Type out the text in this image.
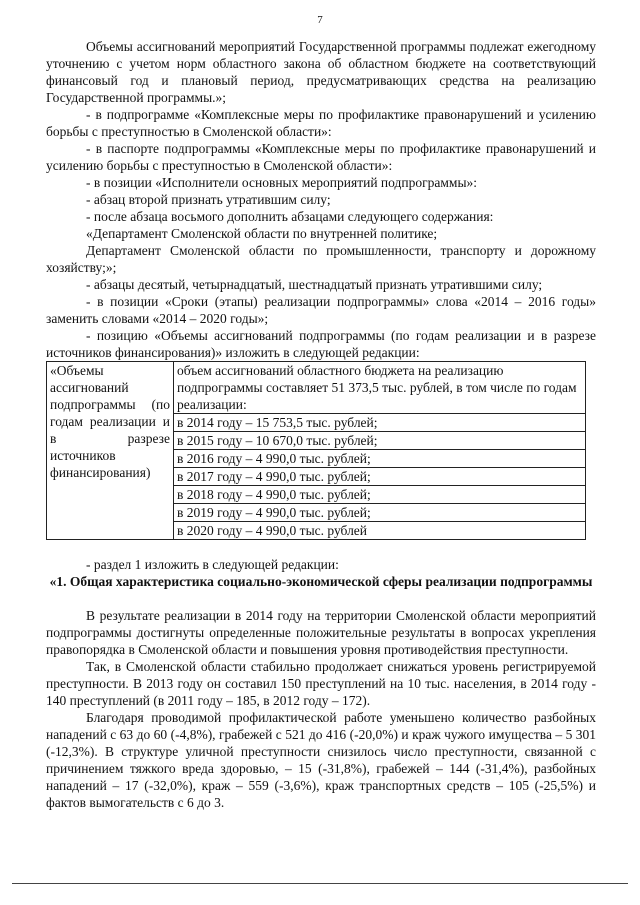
7

Объемы ассигнований мероприятий Государственной программы подлежат ежегодному уточнению с учетом норм областного закона об областном бюджете на соответствующий финансовый год и плановый период, предусматривающих средства на реализацию Государственной программы.»;

- в подпрограмме «Комплексные меры по профилактике правонарушений и усилению борьбы с преступностью в Смоленской области»:

- в паспорте подпрограммы «Комплексные меры по профилактике правонарушений и усилению борьбы с преступностью в Смоленской области»:

- в позиции «Исполнители основных мероприятий подпрограммы»:

- абзац второй признать утратившим силу;

- после абзаца восьмого дополнить абзацами следующего содержания:

«Департамент Смоленской области по внутренней политике;

Департамент Смоленской области по промышленности, транспорту и дорожному хозяйству;»;

- абзацы десятый, четырнадцатый, шестнадцатый признать утратившими силу;

- в позиции «Сроки (этапы) реализации подпрограммы» слова «2014 – 2016 годы» заменить словами «2014 – 2020 годы»;

- позицию «Объемы ассигнований подпрограммы (по годам реализации и в разрезе источников финансирования)» изложить в следующей редакции:

«Объемы ассигнований подпрограммы (по годам реализации и в разрезе источников финансирования)	
объем ассигнований областного бюджета на реализацию подпрограммы составляет 51 373,5 тыс. рублей, в том числе по годам реализации:
в 2014 году – 15 753,5 тыс. рублей;
в 2015 году – 10 670,0 тыс. рублей;
в 2016 году – 4 990,0 тыс. рублей;
в 2017 году – 4 990,0 тыс. рублей;
в 2018 году – 4 990,0 тыс. рублей;
в 2019 году – 4 990,0 тыс. рублей;
в 2020 году – 4 990,0 тыс. рублей

- раздел 1 изложить в следующей редакции:

«1. Общая характеристика социально-экономической сферы реализации подпрограммы

В результате реализации в 2014 году на территории Смоленской области мероприятий подпрограммы достигнуты определенные положительные результаты в вопросах укрепления правопорядка в Смоленской области и повышения уровня противодействия преступности.

Так, в Смоленской области стабильно продолжает снижаться уровень регистрируемой преступности. В 2013 году он составил 150 преступлений на 10 тыс. населения, в 2014 году - 140 преступлений (в 2011 году – 185, в 2012 году – 172).

Благодаря проводимой профилактической работе уменьшено количество разбойных нападений с 63 до 60 (-4,8%), грабежей с 521 до 416 (-20,0%) и краж чужого имущества – 5 301 (-12,3%). В структуре уличной преступности снизилось число преступности, связанной с причинением тяжкого вреда здоровью, – 15 (-31,8%), грабежей – 144 (-31,4%), разбойных нападений – 17 (-32,0%), краж – 559 (-3,6%), краж транспортных средств – 105 (-25,5%) и фактов вымогательств с 6 до 3.
